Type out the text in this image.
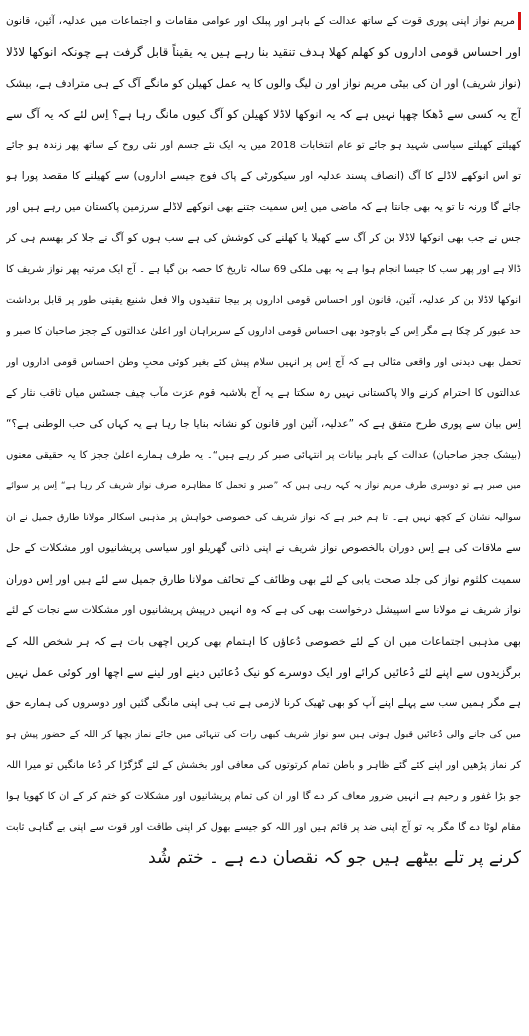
مریم نواز اپنی پوری قوت کے ساتھ عدالت کے باہر اور پبلک اور عوامی مقامات و اجتماعات میں عدلیہ، آئین، قانون
اور احساس قومی اداروں کو کھلم کھلا ہدف تنقید بنا رہے ہیں یہ یقیناً قابل گرفت ہے چونکہ انوکھا لاڈلا
(نواز شریف) اور ان کی بیٹی مریم نواز اور ن لیگ والوں کا یہ عمل کھیلن کو مانگے آگ کے ہی مترادف ہے، بیشک
آج یہ کسی سے ڈھکا چھپا نہیں ہے کہ یہ انوکھا لاڈلا کھیلن کو آگ کیوں مانگ رہا ہے؟ اِس لئے کہ یہ آگ سے
کھیلتے کھیلتے سیاسی شہید ہو جائے تو عام انتخابات 2018 میں یہ ایک نئے جسم اور نئی روح کے ساتھ پھر زندہ ہو جائے
تو اس انوکھے لاڈلے کا آگ (انصاف پسند عدلیہ اور سیکورٹی کے پاک فوج جیسے اداروں) سے کھیلنے کا مقصد پورا ہو
جائے گا ورنہ تا تو یہ بھی جانتا ہے کہ ماضی میں اِس سمیت جتنے بھی انوکھے لاڈلے سرزمین پاکستان میں رہے ہیں اور
جس نے جب بھی انوکھا لاڈلا بن کر آگ سے کھیلا یا کھلنے کی کوشش کی ہے سب ہوں کو آگ نے جلا کر بھسم ہی کر
ڈالا ہے اور پھر سب کا جیسا انجام ہوا ہے یہ بھی ملکی 69 سالہ تاریخ کا حصہ بن گیا ہے ۔ آج ایک مرتبہ پھر نواز شریف کا
انوکھا لاڈلا بن کر عدلیہ، آئین، قانون اور احساس قومی اداروں پر بیجا تنقیدوں والا فعل شنیع یقینی طور پر قابل برداشت
حد عبور کر چکا ہے مگر اِس کے باوجود بھی احساس قومی اداروں کے سربراہان اور اعلیٰ عدالتوں کے ججز صاحبان کا صبر و
تحمل بھی دیدنی اور واقعی مثالی ہے کہ آج اِس پر انہیں سلام پیش کئے بغیر کوئی محبِ وطن احساس قومی اداروں اور
عدالتوں کا احترام کرنے والا پاکستانی نہیں رہ سکتا ہے یہ آج بلاشبہ قوم عزت مآب چیف جسٹس میاں ثاقب نثار کے
اِس بیان سے پوری طرح متفق ہے کہ ”عدلیہ، آئین اور قانون کو نشانہ بنایا جا رہا ہے یہ کہاں کی حب الوطنی ہے؟“
(بیشک ججز صاحبان) عدالت کے باہر بیانات پر انتہائی صبر کر رہے ہیں“۔ یہ طرف ہمارے اعلیٰ ججز کا یہ حقیقی معنوں
میں صبر ہے تو دوسری طرف مریم نواز یہ کہہ رہی ہیں کہ ”صبر و تحمل کا مظاہرہ صرف نواز شریف کر رہا ہے“ اِس پر سوائے
سوالیہ نشان کے کچھ نہیں ہے۔ تا ہم خبر ہے کہ نواز شریف کی خصوصی خواہش پر مذہبی اسکالر مولانا طارق جمیل نے ان
سے ملاقات کی ہے اِس دوران بالخصوص نواز شریف نے اپنی ذاتی گھریلو اور سیاسی پریشانیوں اور مشکلات کے حل
سمیت کلثوم نواز کی جلد صحت یابی کے لئے بھی وظائف کے تحائف مولانا طارق جمیل سے لئے ہیں اور اِس دوران
نواز شریف نے مولانا سے اسپیشل درخواست بھی کی ہے کہ وہ انہیں درپیش پریشانیوں اور مشکلات سے نجات کے لئے
بھی مذہبی اجتماعات میں ان کے لئے خصوصی دُعاؤں کا اہتمام بھی کریں اچھی بات ہے کہ ہر شخص اللہ کے
برگزیدوں سے اپنے لئے دُعائیں کرائے اور ایک دوسرے کو نیک دُعائیں دینے اور لینے سے اچھا اور کوئی عمل نہیں
ہے مگر ہمیں سب سے پہلے اپنے آپ کو بھی ٹھیک کرنا لازمی ہے تب ہی اپنی مانگی گئیں اور دوسروں کی ہمارے حق
میں کی جانے والی دُعائیں قبول ہوتی ہیں سو نواز شریف کبھی رات کی تنہائی میں جائے نماز بچھا کر اللہ کے حضور پیش ہو
کر نماز پڑھیں اور اپنے کئے گئے ظاہر و باطن تمام کرتوتوں کی معافی اور بخشش کے لئے گڑگڑا کر دُعا مانگیں تو میرا اللہ
جو بڑا غفور و رحیم ہے انہیں ضرور معاف کر دے گا اور ان کی تمام پریشانیوں اور مشکلات کو ختم کر کے ان کا کھویا ہوا
مقام لوٹا دے گا مگر یہ تو آج اپنی ضد پر قائم ہیں اور اللہ کو جیسے بھول کر اپنی طاقت اور قوت سے اپنی بے گناہی ثابت
کرنے پر تلے بیٹھے ہیں جو کہ نقصان دے ہے ۔ ختم شُد
